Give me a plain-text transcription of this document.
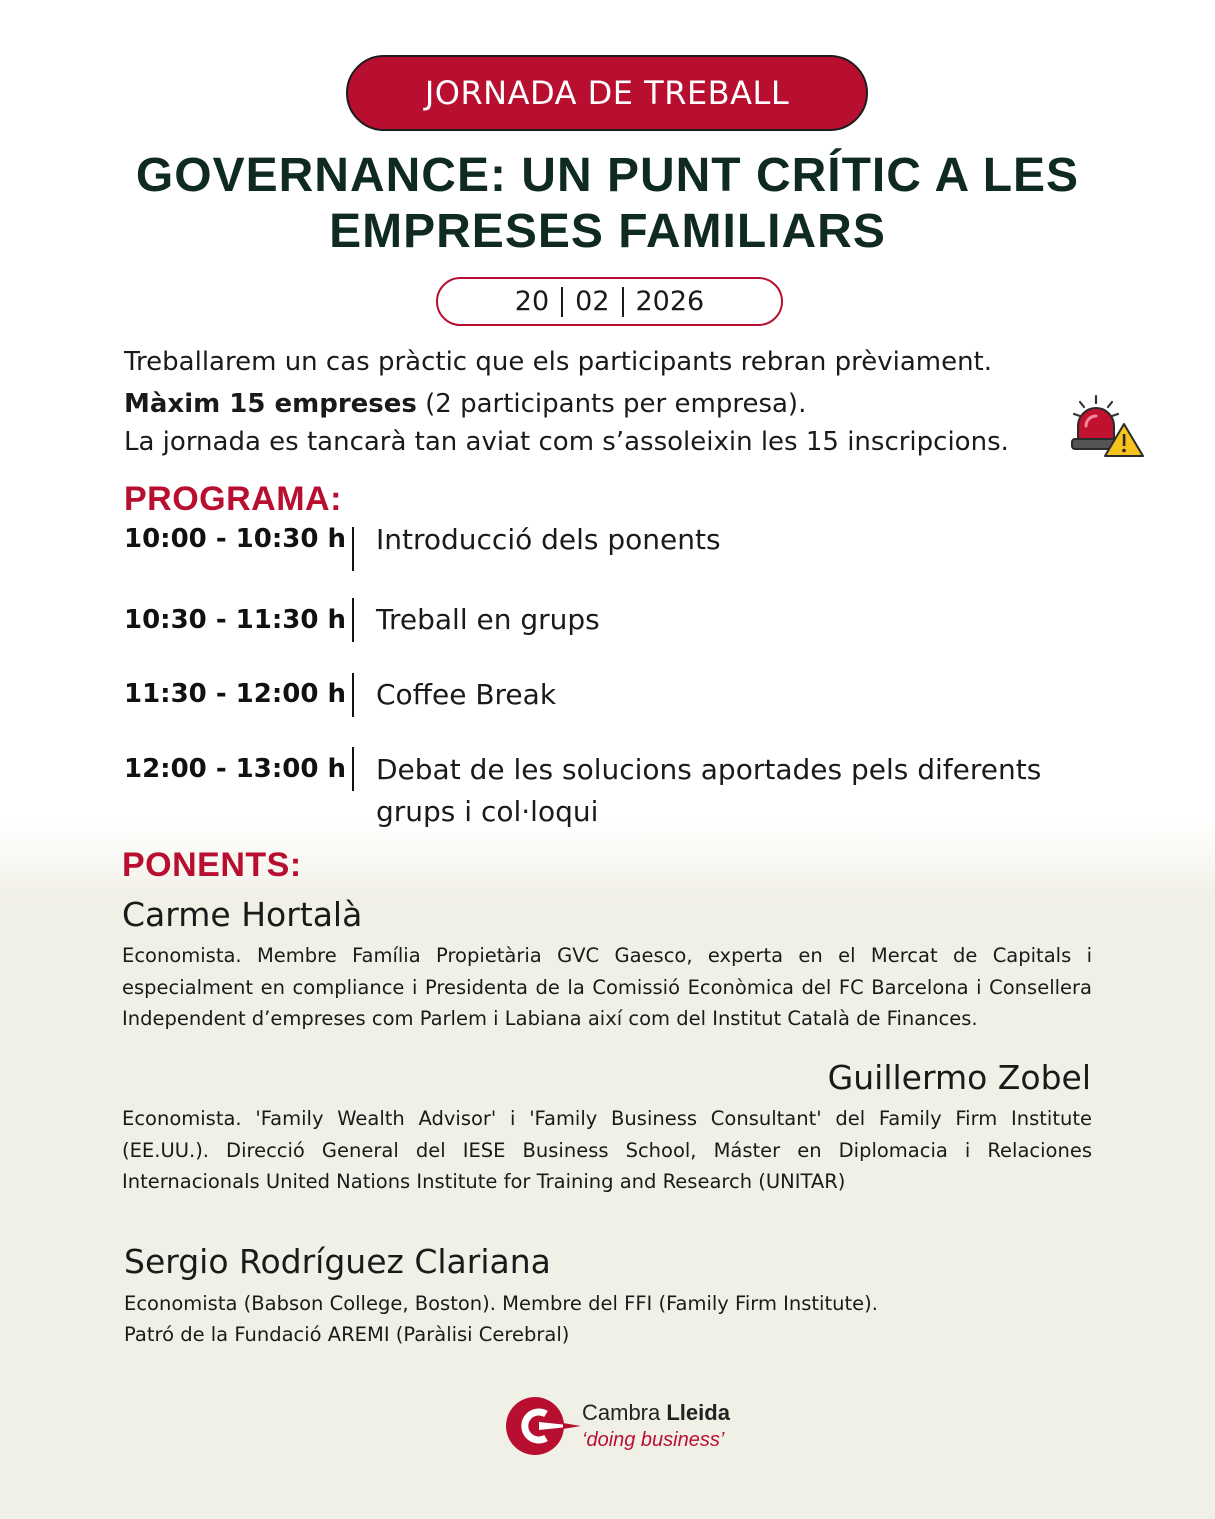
JORNADA DE TREBALL
GOVERNANCE: UN PUNT CRÍTIC A LES
EMPRESES FAMILIARS
20 02 2026
Treballarem un cas pràctic que els participants rebran prèviament.
Màxim 15 empreses (2 participants per empresa).
La jornada es tancarà tan aviat com s’assoleixin les 15 inscripcions.
PROGRAMA:
10:00 - 10:30 h Introducció dels ponents
10:30 - 11:30 h Treball en grups
11:30 - 12:00 h Coffee Break
12:00 - 13:00 h Debat de les solucions aportades pels diferents grups i col·loqui
PONENTS:
Carme Hortalà
Economista. Membre Família Propietària GVC Gaesco, experta en el Mercat de Capitals i especialment en compliance i Presidenta de la Comissió Econòmica del FC Barcelona i Consellera Independent d’empreses com Parlem i Labiana així com del Institut Català de Finances.
Guillermo Zobel
Economista. 'Family Wealth Advisor' i 'Family Business Consultant' del Family Firm Institute (EE.UU.). Direcció General del IESE Business School, Máster en Diplomacia i Relaciones Internacionals United Nations Institute for Training and Research (UNITAR)
Sergio Rodríguez Clariana
Economista (Babson College, Boston). Membre del FFI (Family Firm Institute).
Patró de la Fundació AREMI (Paràlisi Cerebral)
Cambra Lleida
‘doing business’
